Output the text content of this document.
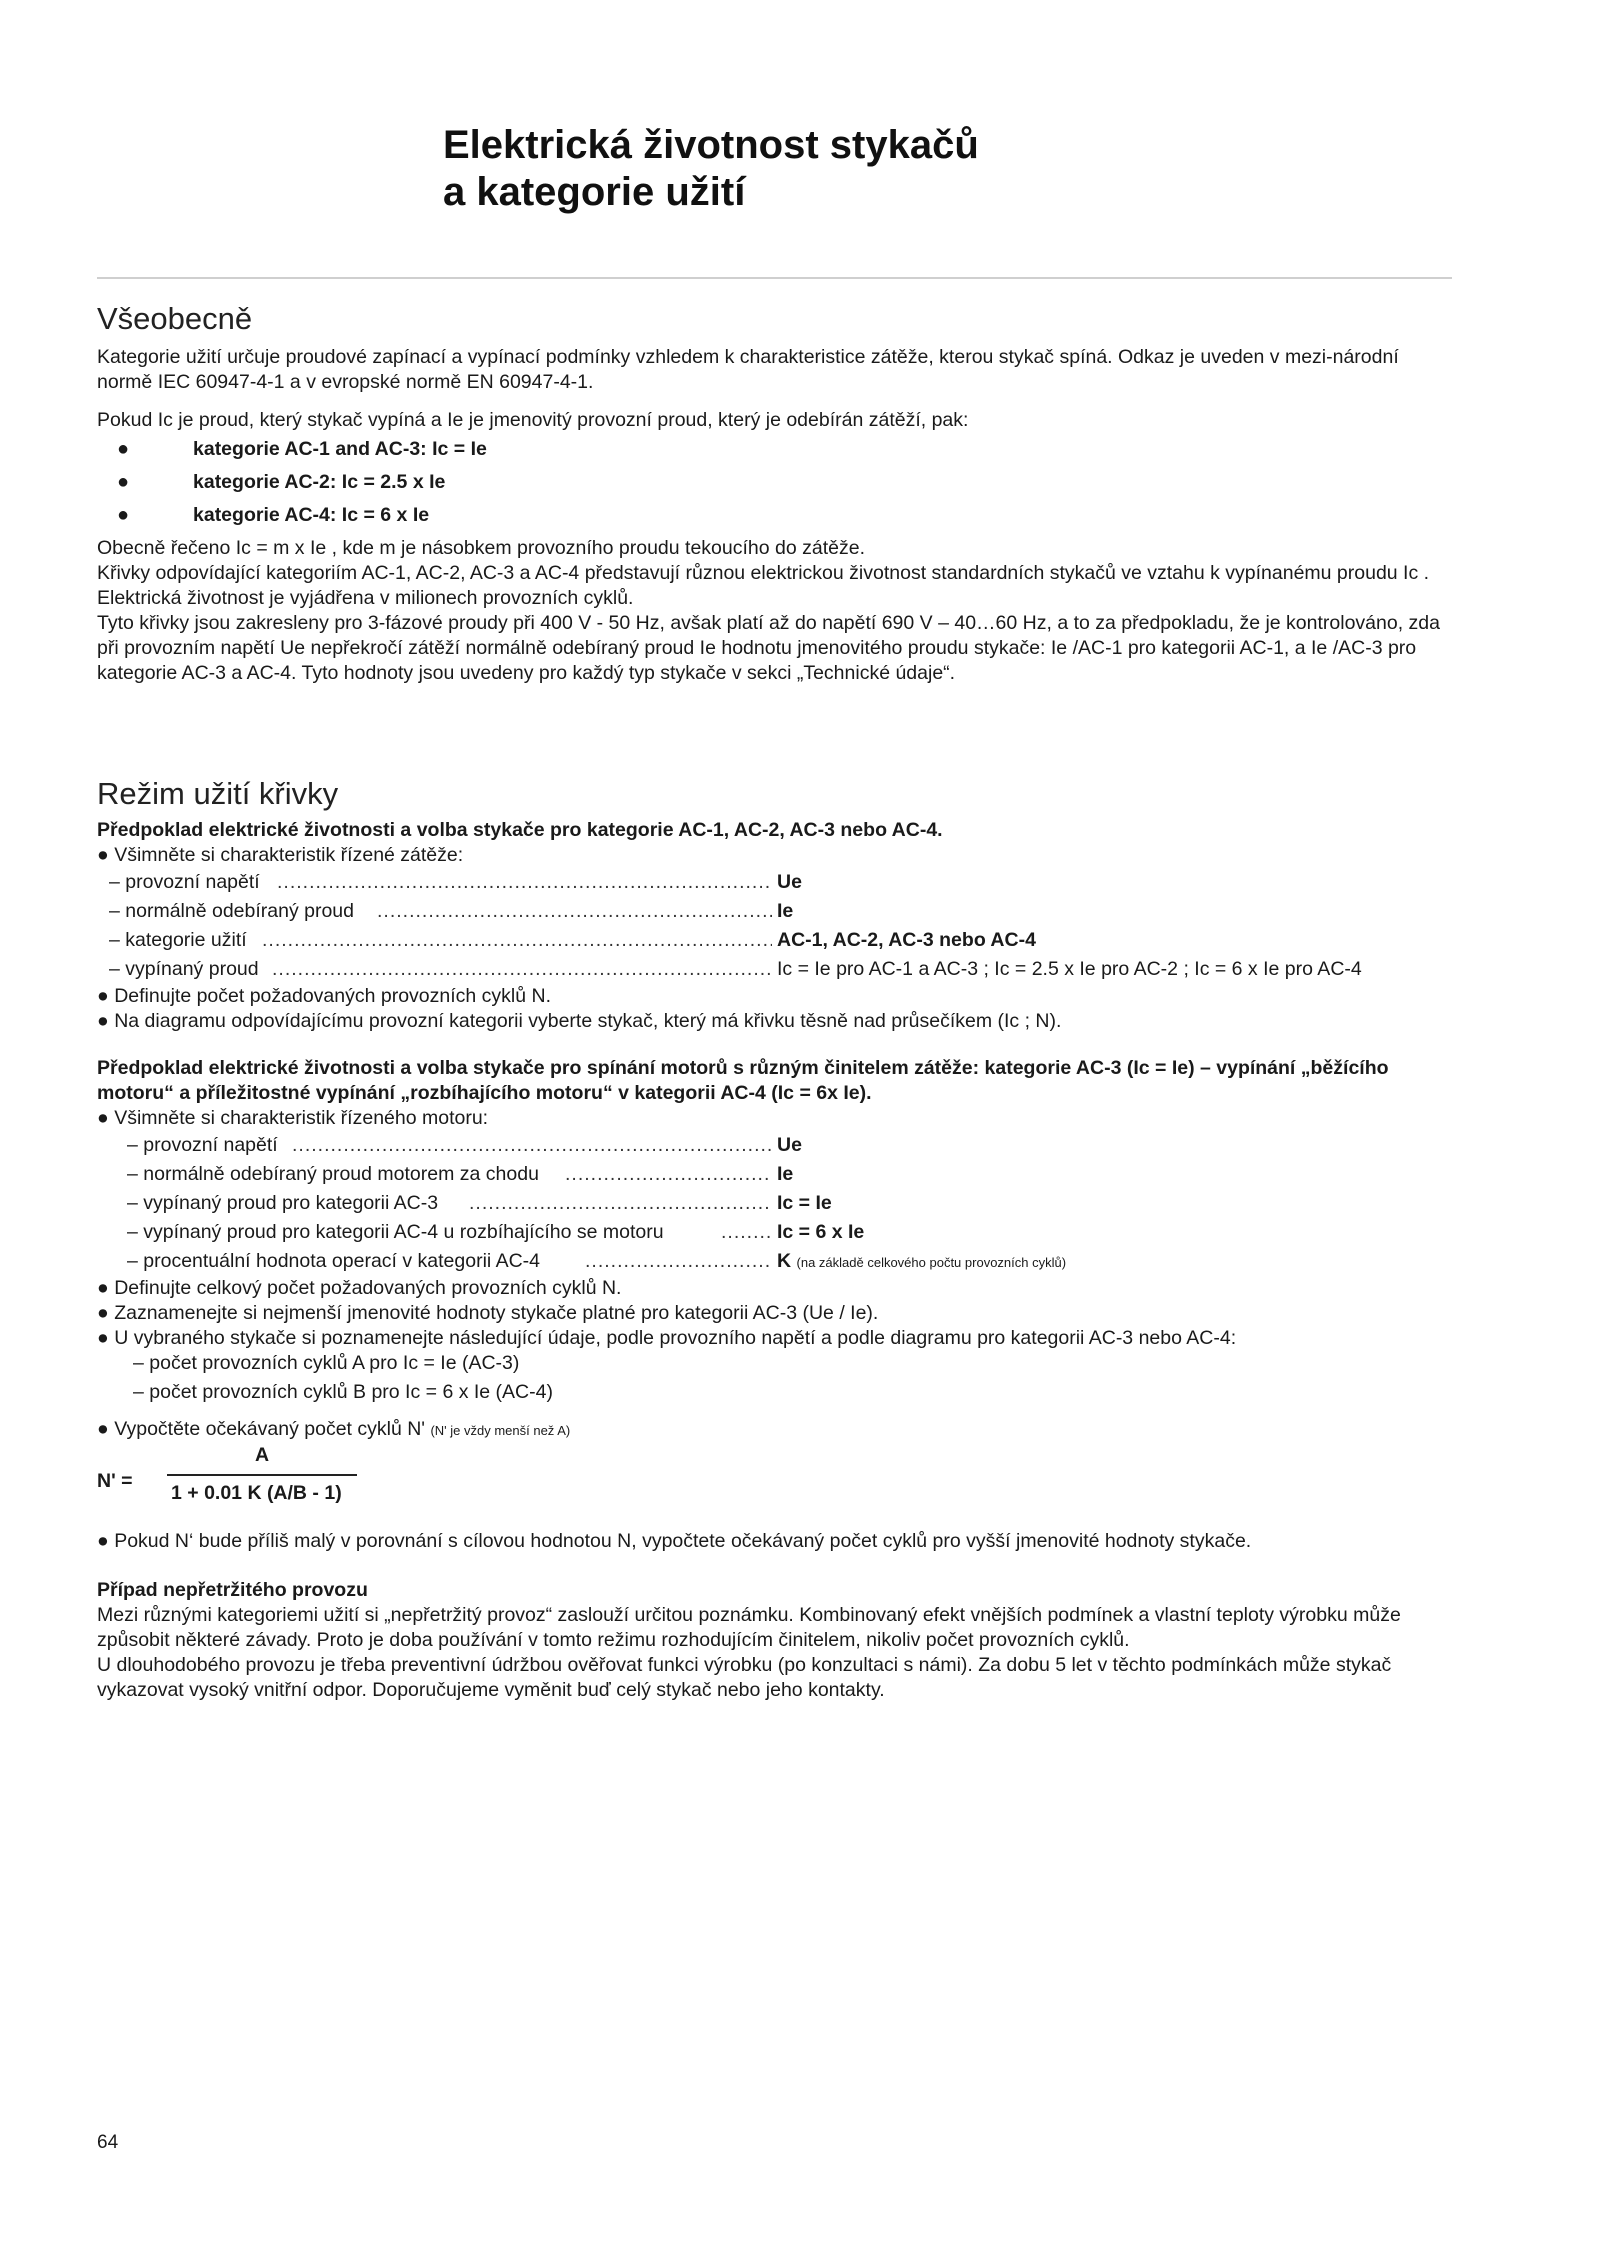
Elektrická životnost stykačů
a kategorie užití
Všeobecně

Kategorie užití určuje proudové zapínací a vypínací podmínky vzhledem k charakteristice zátěže, kterou stykač spíná. Odkaz je uveden v mezi-národní normě IEC 60947-4-1 a v evropské normě EN 60947-4-1.

Pokud Ic je proud, který stykač vypíná a Ie je jmenovitý provozní proud, který je odebírán zátěží, pak:

●	kategorie AC-1 and AC-3: Ic = Ie
●	kategorie AC-2: Ic = 2.5 x Ie
●	kategorie AC-4: Ic = 6 x Ie

Obecně řečeno Ic = m x Ie , kde m je násobkem provozního proudu tekoucího do zátěže.

Křivky odpovídající kategoriím AC-1, AC-2, AC-3 a AC-4 představují různou elektrickou životnost standardních stykačů ve vztahu k vypínanému proudu Ic .

Elektrická životnost je vyjádřena v milionech provozních cyklů.

Tyto křivky jsou zakresleny pro 3-fázové proudy při 400 V - 50 Hz, avšak platí až do napětí 690 V – 40…60 Hz, a to za předpokladu, že je kontrolováno, zda při provozním napětí Ue nepřekročí zátěží normálně odebíraný proud Ie hodnotu jmenovitého proudu stykače: Ie /AC-1 pro kategorii AC-1, a Ie /AC-3 pro kategorie AC-3 a AC-4. Tyto hodnoty jsou uvedeny pro každý typ stykače v sekci „Technické údaje“.

Režim užití křivky

Předpoklad elektrické životnosti a volba stykače pro kategorie AC-1, AC-2, AC-3 nebo AC-4.

● Všimněte si charakteristik řízené zátěže:

– provozní napětí .....	Ue
– normálně odebíraný proud .....	Ie
– kategorie užití .....	AC-1, AC-2, AC-3 nebo AC-4
– vypínaný proud .....	Ic = Ie pro AC-1 a AC-3 ; Ic = 2.5 x Ie pro AC-2 ; Ic = 6 x Ie pro AC-4

● Definujte počet požadovaných provozních cyklů N.

● Na diagramu odpovídajícímu provozní kategorii vyberte stykač, který má křivku těsně nad průsečíkem (Ic ; N).

Předpoklad elektrické životnosti a volba stykače pro spínání motorů s různým činitelem zátěže: kategorie AC-3 (Ic = Ie) – vypínání „běžícího motoru“ a příležitostné vypínání „rozbíhajícího motoru“ v kategorii AC-4 (Ic = 6x Ie).

● Všimněte si charakteristik řízeného motoru:

– provozní napětí .....	Ue
– normálně odebíraný proud motorem za chodu .....	Ie
– vypínaný proud pro kategorii AC-3 .....	Ic = Ie
– vypínaný proud pro kategorii AC-4 u rozbíhajícího se motoru .....	Ic = 6 x Ie
– procentuální hodnota operací v kategorii AC-4 .....	K (na základě celkového počtu provozních cyklů)

● Definujte celkový počet požadovaných provozních cyklů N.

● Zaznamenejte si nejmenší jmenovité hodnoty stykače platné pro kategorii AC-3 (Ue / Ie).

● U vybraného stykače si poznamenejte následující údaje, podle provozního napětí a podle diagramu pro kategorii AC-3 nebo AC-4:

– počet provozních cyklů A pro Ic = Ie (AC-3)

– počet provozních cyklů B pro Ic = 6 x Ie (AC-4)

● Vypočtěte očekávaný počet cyklů N' (N' je vždy menší než A)

N' =
A
1 + 0.01 K (A/B - 1)

● Pokud N‘ bude příliš malý v porovnání s cílovou hodnotou N, vypočtete očekávaný počet cyklů pro vyšší jmenovité hodnoty stykače.

Případ nepřetržitého provozu

Mezi různými kategoriemi užití si „nepřetržitý provoz“ zaslouží určitou poznámku. Kombinovaný efekt vnějších podmínek a vlastní teploty výrobku může způsobit některé závady. Proto je doba používání v tomto režimu rozhodujícím činitelem, nikoliv počet provozních cyklů.

U dlouhodobého provozu je třeba preventivní údržbou ověřovat funkci výrobku (po konzultaci s námi). Za dobu 5 let v těchto podmínkách může stykač vykazovat vysoký vnitřní odpor. Doporučujeme vyměnit buď celý stykač nebo jeho kontakty.

64
